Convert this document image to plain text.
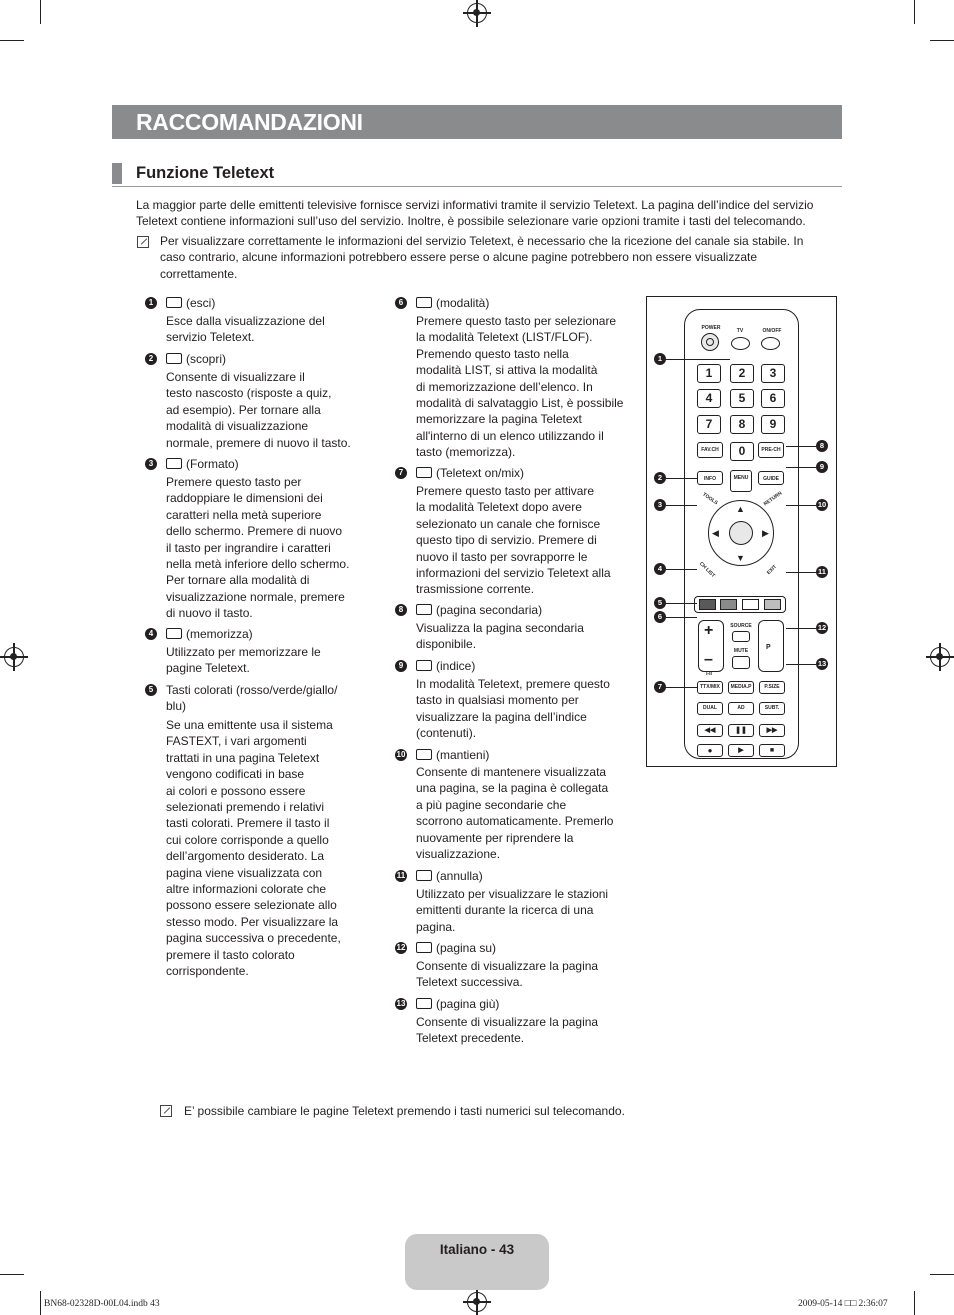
RACCOMANDAZIONI
Funzione Teletext
La maggior parte delle emittenti televisive fornisce servizi informativi tramite il servizio Teletext. La pagina dell’indice del servizio Teletext contiene informazioni sull’uso del servizio. Inoltre, è possibile selezionare varie opzioni tramite i tasti del telecomando.
Per visualizzare correttamente le informazioni del servizio Teletext, è necessario che la ricezione del canale sia stabile. In caso contrario, alcune informazioni potrebbero essere perse o alcune pagine potrebbero non essere visualizzate correttamente.
1	(esci)
Esce dalla visualizzazione del
servizio Teletext.
2	(scopri)
Consente di visualizzare il
testo nascosto (risposte a quiz,
ad esempio). Per tornare alla
modalità di visualizzazione
normale, premere di nuovo il tasto.
3	(Formato)
Premere questo tasto per
raddoppiare le dimensioni dei
caratteri nella metà superiore
dello schermo. Premere di nuovo
il tasto per ingrandire i caratteri
nella metà inferiore dello schermo.
Per tornare alla modalità di
visualizzazione normale, premere
di nuovo il tasto.
4	(memorizza)
Utilizzato per memorizzare le
pagine Teletext.
5	Tasti colorati (rosso/verde/giallo/
blu)
Se una emittente usa il sistema
FASTEXT, i vari argomenti
trattati in una pagina Teletext
vengono codificati in base
ai colori e possono essere
selezionati premendo i relativi
tasti colorati. Premere il tasto il
cui colore corrisponde a quello
dell’argomento desiderato. La
pagina viene visualizzata con
altre informazioni colorate che
possono essere selezionate allo
stesso modo. Per visualizzare la
pagina successiva o precedente,
premere il tasto colorato
corrispondente.
6	(modalità)
Premere questo tasto per selezionare
la modalità Teletext (LIST/FLOF).
Premendo questo tasto nella
modalità LIST, si attiva la modalità
di memorizzazione dell’elenco. In
modalità di salvataggio List, è possibile
memorizzare la pagina Teletext
all'interno di un elenco utilizzando il
tasto (memorizza).
7	(Teletext on/mix)
Premere questo tasto per attivare
la modalità Teletext dopo avere
selezionato un canale che fornisce
questo tipo di servizio. Premere di
nuovo il tasto per sovrapporre le
informazioni del servizio Teletext alla
trasmissione corrente.
8	(pagina secondaria)
Visualizza la pagina secondaria
disponibile.
9	(indice)
In modalità Teletext, premere questo
tasto in qualsiasi momento per
visualizzare la pagina dell’indice
(contenuti).
10	(mantieni)
Consente di mantenere visualizzata
una pagina, se la pagina è collegata
a più pagine secondarie che
scorrono automaticamente. Premerlo
nuovamente per riprendere la
visualizzazione.
11	(annulla)
Utilizzato per visualizzare le stazioni
emittenti durante la ricerca di una
pagina.
12	(pagina su)
Consente di visualizzare la pagina
Teletext successiva.
13	(pagina giù)
Consente di visualizzare la pagina
Teletext precedente.
POWER	TV	ON/OFF
1	2	3
4	5	6
7	8	9
0
FAV.CH	PRE-CH
INFO	MENU	GUIDE
TOOLS	RETURN
▲
▼
◀	▶
CH LIST	EXIT
+
–
SOURCE
MUTE	P
I-II
TTX/MIX	MEDIA.P	P.SIZE
DUAL	AD	SUBT.
◀◀	❚❚	▶▶
●	▶	■
1
2
3
4
5
6
7
8
9
10
11
12
13
E’ possibile cambiare le pagine Teletext premendo i tasti numerici sul telecomando.
Italiano - 43
BN68-02328D-00L04.indb 43	2009-05-14 □□ 2:36:07
